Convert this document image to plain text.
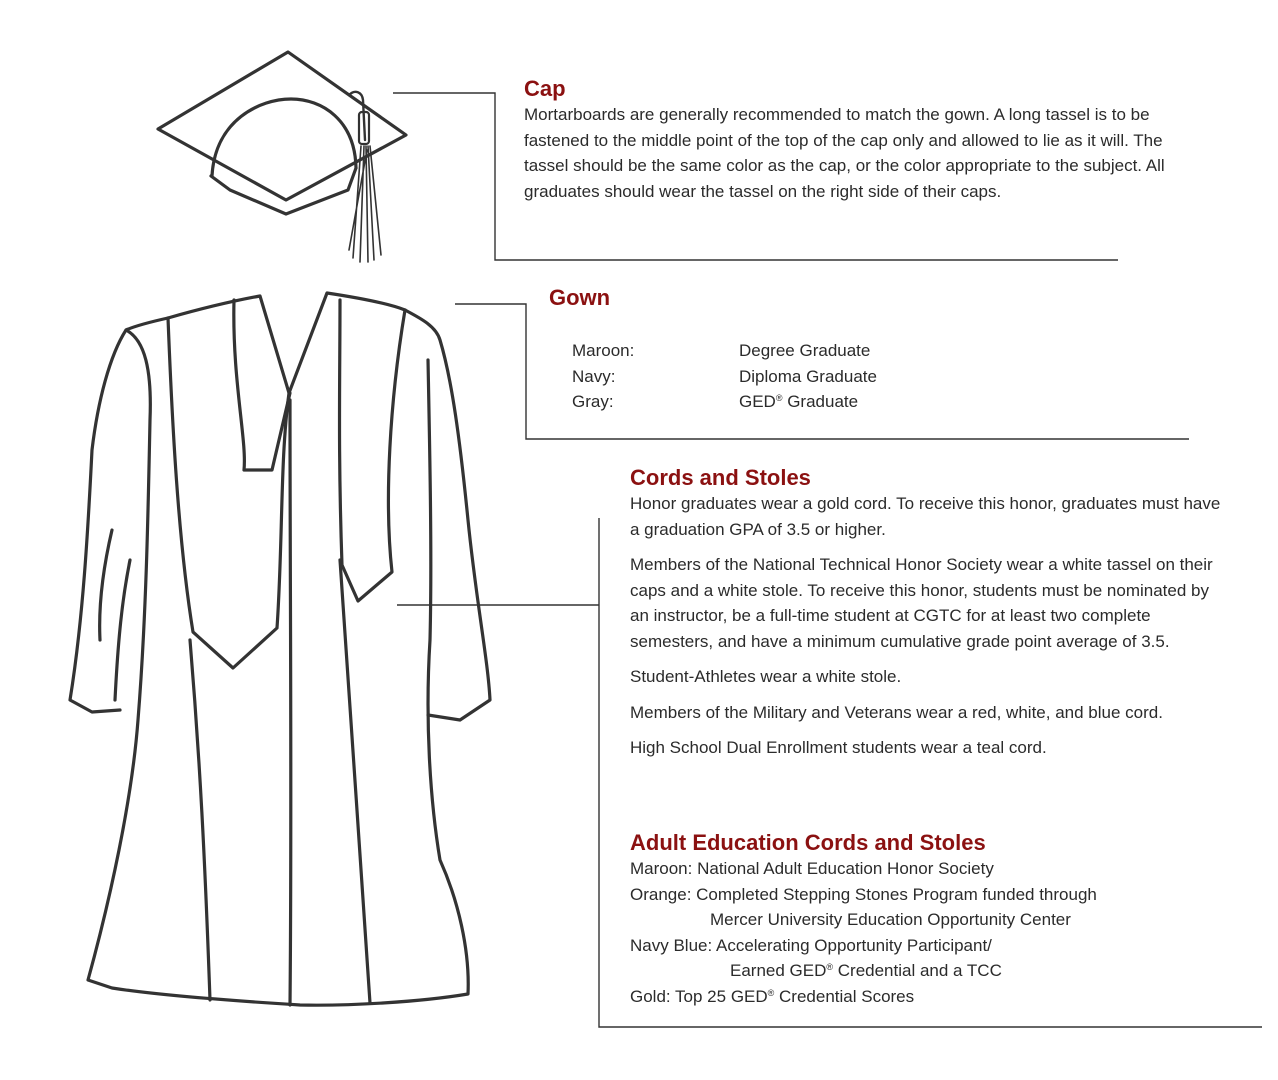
Cap

Mortarboards are generally recommended to match the gown. A long tassel is to be fastened to the middle point of the top of the cap only and allowed to lie as it will. The tassel should be the same color as the cap, or the color appropriate to the subject. All graduates should wear the tassel on the right side of their caps.

Gown
Maroon:	Degree Graduate
Navy:	Diploma Graduate
Gray:	GED® Graduate
Cords and Stoles

Honor graduates wear a gold cord. To receive this honor, graduates must have a graduation GPA of 3.5 or higher.

Members of the National Technical Honor Society wear a white tassel on their caps and a white stole. To receive this honor, students must be nominated by an instructor, be a full-time student at CGTC for at least two complete semesters, and have a minimum cumulative grade point average of 3.5.

Student-Athletes wear a white stole.

Members of the Military and Veterans wear a red, white, and blue cord.

High School Dual Enrollment students wear a teal cord.

Adult Education Cords and Stoles

Maroon: National Adult Education Honor Society

Orange: Completed Stepping Stones Program funded through

Mercer University Education Opportunity Center

Navy Blue: Accelerating Opportunity Participant/

Earned GED® Credential and a TCC

Gold: Top 25 GED® Credential Scores
